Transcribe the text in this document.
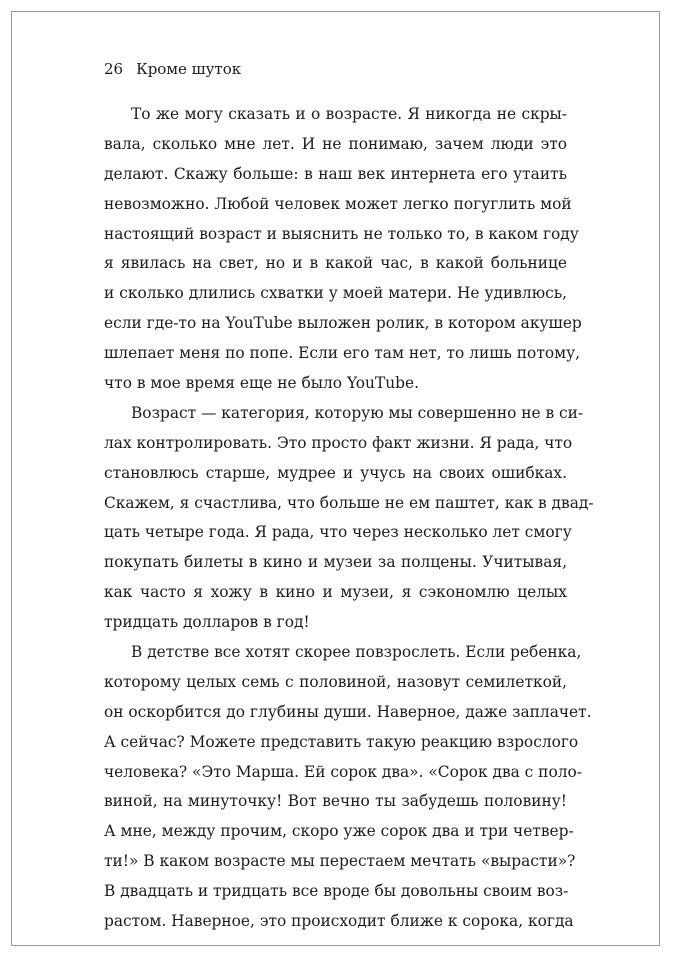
26 Кроме шуток
То же могу сказать и о возрасте. Я никогда не скры-
вала, сколько мне лет. И не понимаю, зачем люди это
делают. Скажу больше: в наш век интернета его утаить
невозможно. Любой человек может легко погуглить мой
настоящий возраст и выяснить не только то, в каком году
я явилась на свет, но и в какой час, в какой больнице
и сколько длились схватки у моей матери. Не удивлюсь,
если где-то на YouTube выложен ролик, в котором акушер
шлепает меня по попе. Если его там нет, то лишь потому,
что в мое время еще не было YouTube.
Возраст — категория, которую мы совершенно не в си-
лах контролировать. Это просто факт жизни. Я рада, что
становлюсь старше, мудрее и учусь на своих ошибках.
Скажем, я счастлива, что больше не ем паштет, как в двад-
цать четыре года. Я рада, что через несколько лет смогу
покупать билеты в кино и музеи за полцены. Учитывая,
как часто я хожу в кино и музеи, я сэкономлю целых
тридцать долларов в год!
В детстве все хотят скорее повзрослеть. Если ребенка,
которому целых семь с половиной, назовут семилеткой,
он оскорбится до глубины души. Наверное, даже заплачет.
А сейчас? Можете представить такую реакцию взрослого
человека? «Это Марша. Ей сорок два». «Сорок два с поло-
виной, на минуточку! Вот вечно ты забудешь половину!
А мне, между прочим, скоро уже сорок два и три четвер-
ти!» В каком возрасте мы перестаем мечтать «вырасти»?
В двадцать и тридцать все вроде бы довольны своим воз-
растом. Наверное, это происходит ближе к сорока, когда
